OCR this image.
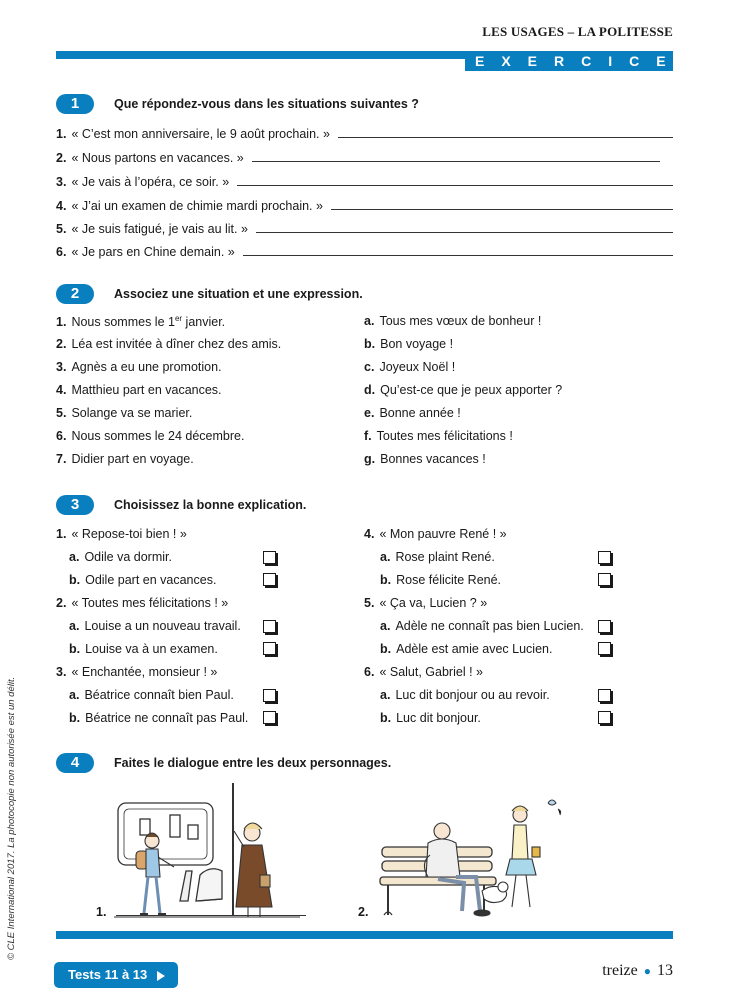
LES USAGES – LA POLITESSE
EXERCICES
1	Que répondez-vous dans les situations suivantes ?
1. « C’est mon anniversaire, le 9 août prochain. »
2. « Nous partons en vacances. »
3. « Je vais à l’opéra, ce soir. »
4. « J’ai un examen de chimie mardi prochain. »
5. « Je suis fatigué, je vais au lit. »
6. « Je pars en Chine demain. »
2	Associez une situation et une expression.
1. Nous sommes le 1er janvier.
2. Léa est invitée à dîner chez des amis.
3. Agnès a eu une promotion.
4. Matthieu part en vacances.
5. Solange va se marier.
6. Nous sommes le 24 décembre.
7. Didier part en voyage.
a. Tous mes vœux de bonheur !
b. Bon voyage !
c. Joyeux Noël !
d. Qu’est-ce que je peux apporter ?
e. Bonne année !
f. Toutes mes félicitations !
g. Bonnes vacances !
3	Choisissez la bonne explication.
1. « Repose-toi bien ! »
a. Odile va dormir.
b. Odile part en vacances.
2. « Toutes mes félicitations ! »
a. Louise a un nouveau travail.
b. Louise va à un examen.
3. « Enchantée, monsieur ! »
a. Béatrice connaît bien Paul.
b. Béatrice ne connaît pas Paul.
4. « Mon pauvre René ! »
a. Rose plaint René.
b. Rose félicite René.
5. « Ça va, Lucien ? »
a. Adèle ne connaît pas bien Lucien.
b. Adèle est amie avec Lucien.
6. « Salut, Gabriel ! »
a. Luc dit bonjour ou au revoir.
b. Luc dit bonjour.
4	Faites le dialogue entre les deux personnages.
1.	2.
Tests 11 à 13	treize ● 13
© CLE International 2017. La photocopie non autorisée est un délit.
